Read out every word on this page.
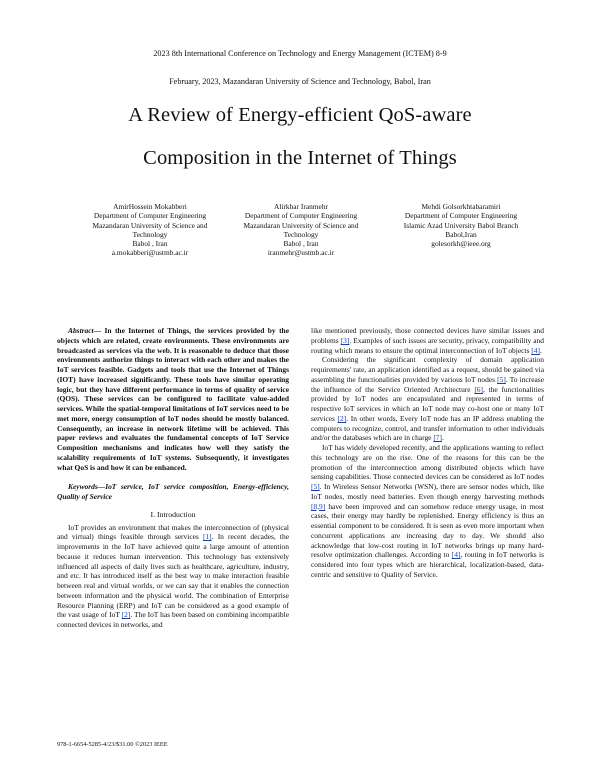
2023 8th International Conference on Technology and Energy Management (ICTEM) 8-9
February, 2023, Mazandaran University of Science and Technology, Babol, Iran
A Review of Energy-efficient QoS-aware
Composition in the Internet of Things
AmirHossein Mokabberi
Department of Computer Engineering
Mazandaran University of Science and
Technology
Babol , Iran
a.mokabberi@ustmb.ac.ir
Alirkbar Iranmehr
Department of Computer Engineering
Mazandaran University of Science and
Technology
Babol , Iran
iranmehr@ustmb.ac.ir
Mehdi Golsorkhtabaramiri
Department of Computer Engineering
Islamic Azad University Babol Branch
Babol,Iran
golesorkh@ieee.org

Abstract— In the Internet of Things, the services provided by the objects which are related, create environments. These environments are broadcasted as services via the web. It is reasonable to deduce that those environments authorize things to interact with each other and makes the IoT services feasible. Gadgets and tools that use the Internet of Things (IOT) have increased significantly. These tools have similar operating logic, but they have different performance in terms of quality of service (QOS). These services can be configured to facilitate value-added services. While the spatial-temporal limitations of IoT services need to be met more, energy consumption of IoT nodes should be mostly balanced. Consequently, an increase in network lifetime will be achieved. This paper reviews and evaluates the fundamental concepts of IoT Service Composition mechanisms and indicates how well they satisfy the scalability requirements of IoT systems. Subsequently, it investigates what QoS is and how it can be enhanced.

Keywords—IoT service, IoT service composition, Energy-efficiency, Quality of Service

I. Introduction

IoT provides an environment that makes the interconnection of (physical and virtual) things feasible through services [1]. In recent decades, the improvements in the IoT have achieved quite a large amount of attention because it reduces human intervention. This technology has extensively influenced all aspects of daily lives such as healthcare, agriculture, industry, and etc. It has introduced itself as the best way to make interaction feasible between real and virtual worlds, or we can say that it enables the connection between information and the physical world. The combination of Enterprise Resource Planning (ERP) and IoT can be considered as a good example of the vast usage of IoT [2]. The IoT has been based on combining incompatible connected devices in networks, and

like mentioned previously, those connected devices have similar issues and problems [3]. Examples of such issues are security, privacy, compatibility and routing which means to ensure the optimal interconnection of IoT objects [4].

Considering the significant complexity of domain application requirements' rate, an application identified as a request, should be gained via assembling the functionalities provided by various IoT nodes [5]. To increase the influence of the Service Oriented Architecture [6], the functionalities provided by IoT nodes are encapsulated and represented in terms of respective IoT services in which an IoT node may co-host one or many IoT services [2]. In other words, Every IoT node has an IP address enabling the computers to recognize, control, and transfer information to other individuals and/or the databases which are in charge [7].

IoT has widely developed recently, and the applications wanting to reflect this technology are on the rise. One of the reasons for this can be the promotion of the interconnection among distributed objects which have sensing capabilities. Those connected devices can be considered as IoT nodes [5]. In Wireless Sensor Networks (WSN), there are sensor nodes which, like IoT nodes, mostly need batteries. Even though energy harvesting methods [8,9] have been improved and can somehow reduce energy usage, in most cases, their energy may hardly be replenished. Energy efficiency is thus an essential component to be considered. It is seen as even more important when concurrent applications are increasing day to day. We should also acknowledge that low-cost routing in IoT networks brings up many hard-resolve optimization challenges. According to [4], routing in IoT networks is considered into four types which are hierarchical, localization-based, data-centric and sensitive to Quality of Service.

978-1-6654-5285-4/23/$31.00 ©2023 IEEE
